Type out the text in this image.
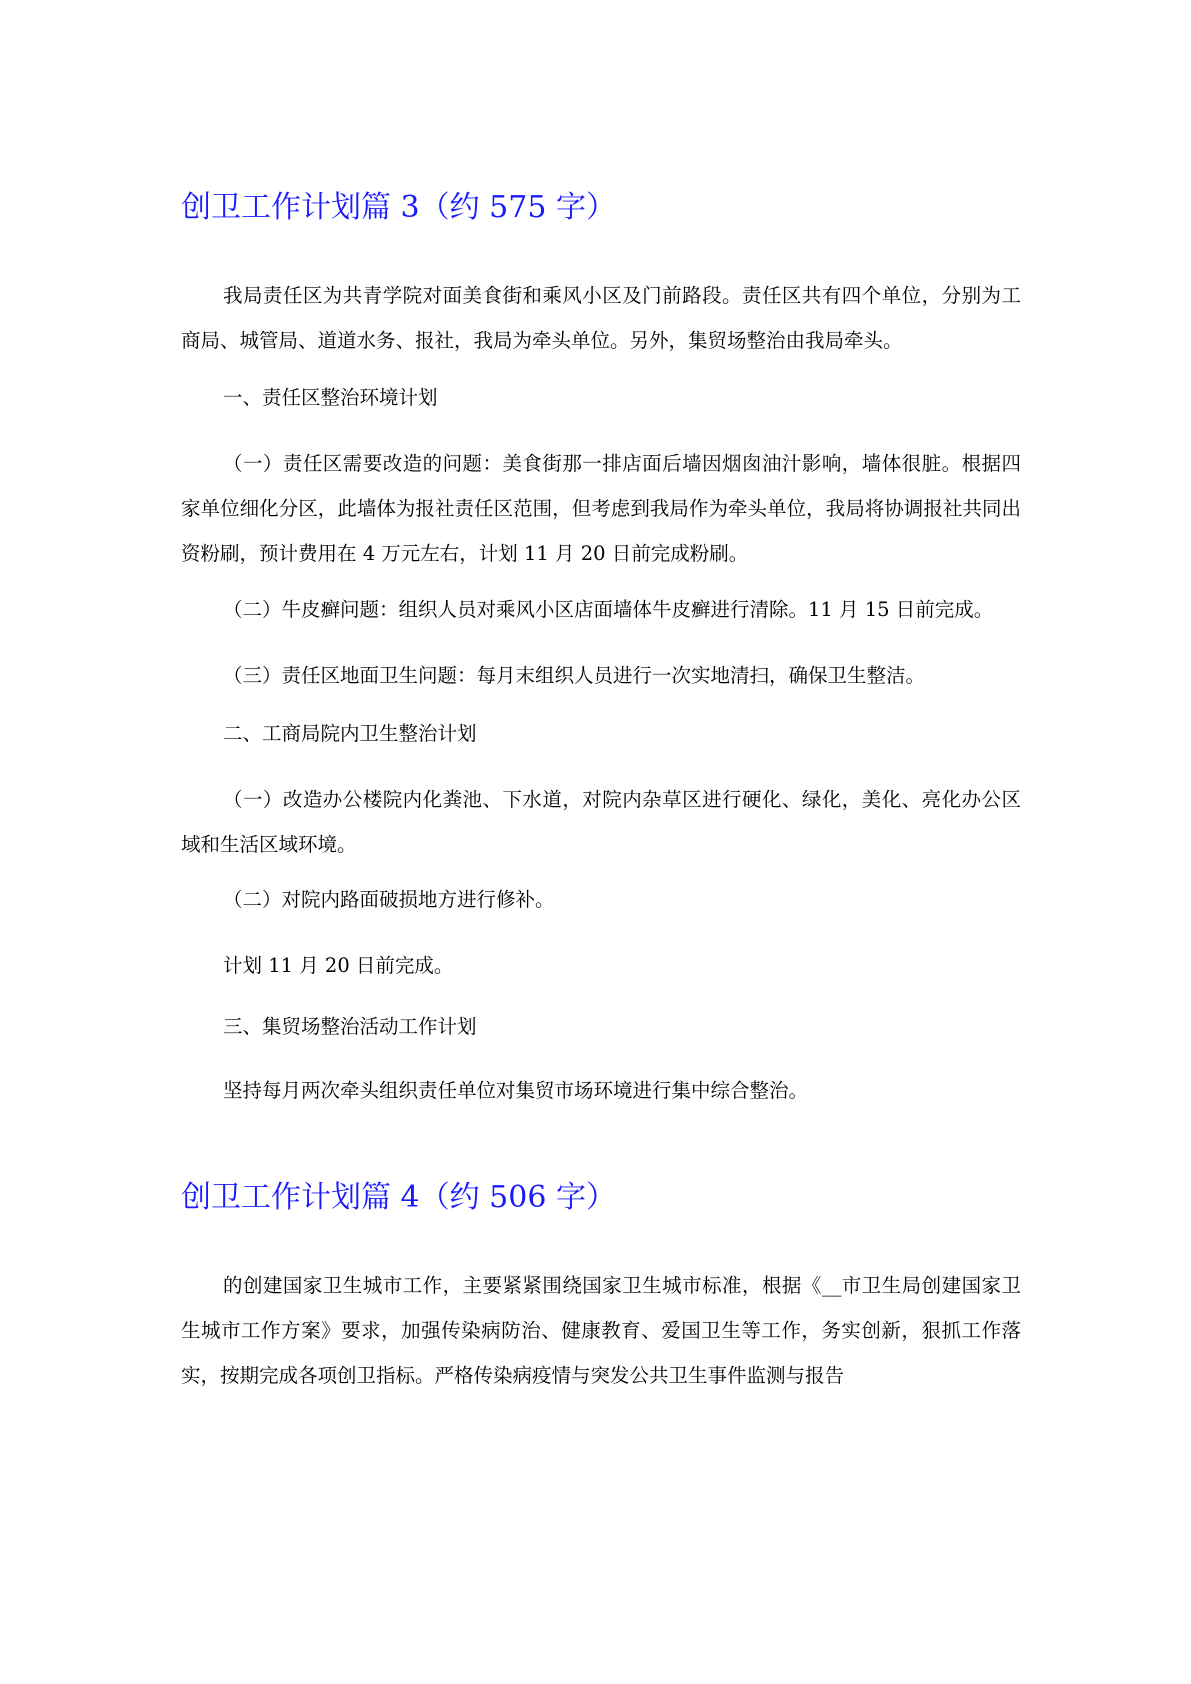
创卫工作计划篇 3（约 575 字）

我局责任区为共青学院对面美食街和乘风小区及门前路段。责任区共有四个单位，分别为工商局、城管局、道道水务、报社，我局为牵头单位。另外，集贸场整治由我局牵头。

一、责任区整治环境计划

（一）责任区需要改造的问题：美食街那一排店面后墙因烟囱油汁影响，墙体很脏。根据四家单位细化分区，此墙体为报社责任区范围，但考虑到我局作为牵头单位，我局将协调报社共同出资粉刷，预计费用在 4 万元左右，计划 11 月 20 日前完成粉刷。

（二）牛皮癣问题：组织人员对乘风小区店面墙体牛皮癣进行清除。11 月 15 日前完成。

（三）责任区地面卫生问题：每月末组织人员进行一次实地清扫，确保卫生整洁。

二、工商局院内卫生整治计划

（一）改造办公楼院内化粪池、下水道，对院内杂草区进行硬化、绿化，美化、亮化办公区域和生活区域环境。

（二）对院内路面破损地方进行修补。

计划 11 月 20 日前完成。

三、集贸场整治活动工作计划

坚持每月两次牵头组织责任单位对集贸市场环境进行集中综合整治。

创卫工作计划篇 4（约 506 字）

的创建国家卫生城市工作，主要紧紧围绕国家卫生城市标准，根据《__市卫生局创建国家卫生城市工作方案》要求，加强传染病防治、健康教育、爱国卫生等工作，务实创新，狠抓工作落实，按期完成各项创卫指标。严格传染病疫情与突发公共卫生事件监测与报告
